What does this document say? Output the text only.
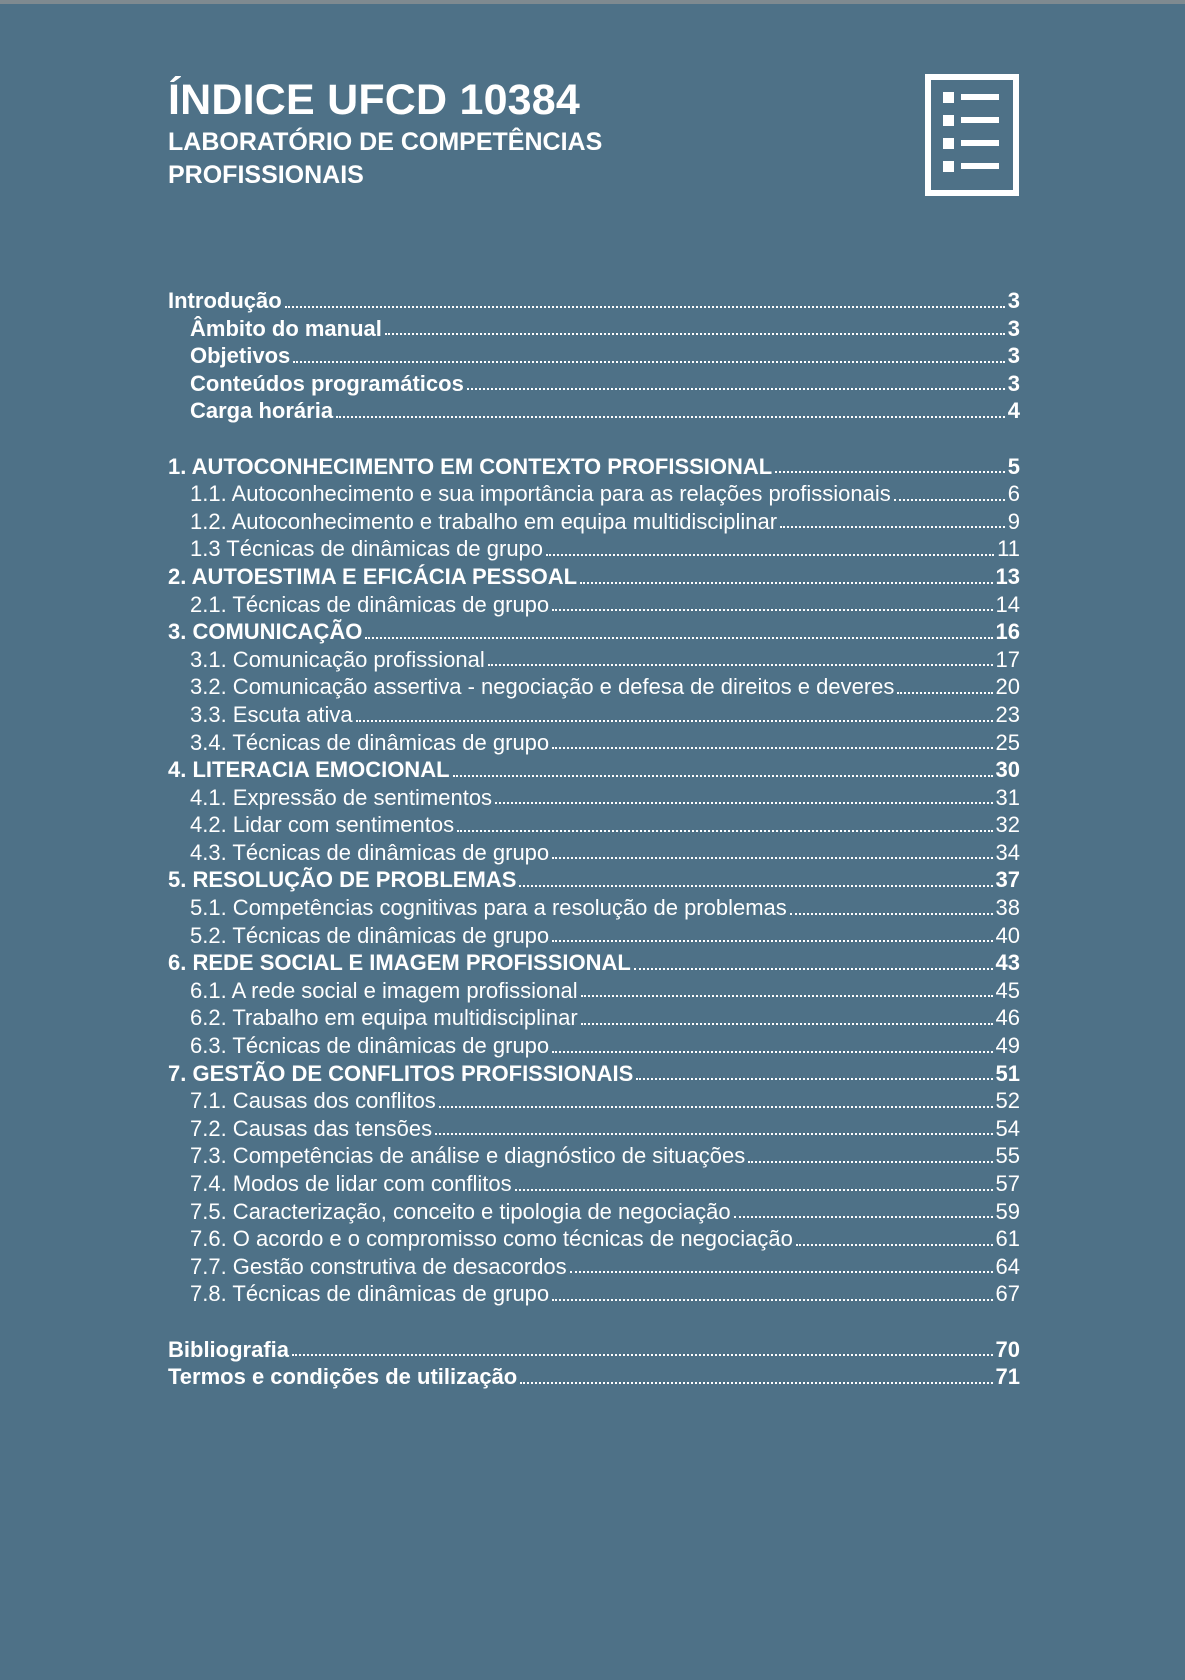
ÍNDICE UFCD 10384
LABORATÓRIO DE COMPETÊNCIAS PROFISSIONAIS
Introdução	3
Âmbito do manual	3
Objetivos	3
Conteúdos programáticos	3
Carga horária	4
1. AUTOCONHECIMENTO EM CONTEXTO PROFISSIONAL	5
1.1. Autoconhecimento e sua importância para as relações profissionais	6
1.2. Autoconhecimento e trabalho em equipa multidisciplinar	9
1.3 Técnicas de dinâmicas de grupo	11
2. AUTOESTIMA E EFICÁCIA PESSOAL	13
2.1. Técnicas de dinâmicas de grupo	14
3. COMUNICAÇÃO	16
3.1. Comunicação profissional	17
3.2. Comunicação assertiva - negociação e defesa de direitos e deveres	20
3.3. Escuta ativa	23
3.4. Técnicas de dinâmicas de grupo	25
4. LITERACIA EMOCIONAL	30
4.1. Expressão de sentimentos	31
4.2. Lidar com sentimentos	32
4.3. Técnicas de dinâmicas de grupo	34
5. RESOLUÇÃO DE PROBLEMAS	37
5.1. Competências cognitivas para a resolução de problemas	38
5.2. Técnicas de dinâmicas de grupo	40
6. REDE SOCIAL E IMAGEM PROFISSIONAL	43
6.1. A rede social e imagem profissional	45
6.2. Trabalho em equipa multidisciplinar	46
6.3. Técnicas de dinâmicas de grupo	49
7. GESTÃO DE CONFLITOS PROFISSIONAIS	51
7.1. Causas dos conflitos	52
7.2. Causas das tensões	54
7.3. Competências de análise e diagnóstico de situações	55
7.4. Modos de lidar com conflitos	57
7.5. Caracterização, conceito e tipologia de negociação	59
7.6. O acordo e o compromisso como técnicas de negociação	61
7.7. Gestão construtiva de desacordos	64
7.8. Técnicas de dinâmicas de grupo	67
Bibliografia	70
Termos e condições de utilização	71
